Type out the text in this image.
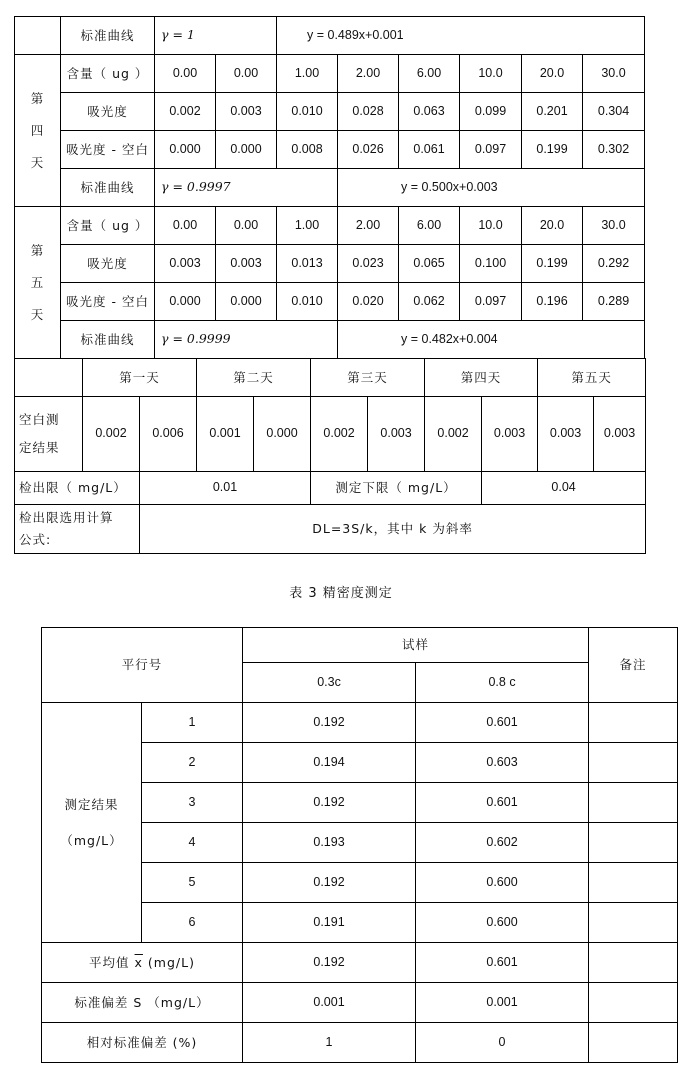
	标准曲线	γ = 1		y = 0.489x+0.001					
第
四
天	含量（ ug ）	0.00	0.00	1.00	2.00	6.00	10.0	20.0	30.0
	吸光度	0.002	0.003	0.010	0.028	0.063	0.099	0.201	0.304
	吸光度 - 空白	0.000	0.000	0.008	0.026	0.061	0.097	0.199	0.302
	标准曲线	γ = 0.9997			y = 0.500x+0.003				
第
五
天	含量（ ug ）	0.00	0.00	1.00	2.00	6.00	10.0	20.0	30.0
	吸光度	0.003	0.003	0.013	0.023	0.065	0.100	0.199	0.292
	吸光度 - 空白	0.000	0.000	0.010	0.020	0.062	0.097	0.196	0.289
	标准曲线	γ = 0.9999			y = 0.482x+0.004				
	第一天		第二天		第三天		第四天		第五天	
空白测
定结果	0.002	0.006	0.001	0.000	0.002	0.003	0.002	0.003	0.003	0.003
检出限（ mg/L）		0.01			测定下限（ mg/L）			0.04		
检出限选用计算
公式:		DL=3S/k，其中 k 为斜率								
表 3 精密度测定
平行号		试样		备注
		0.3c	0.8 c	
测定结果
（mg/L）	1	0.192	0.601	
	2	0.194	0.603	
	3	0.192	0.601	
	4	0.193	0.602	
	5	0.192	0.600	
	6	0.191	0.600	
平均值 $\overline{x}$ (mg/L)		0.192	0.601	
标准偏差 S （mg/L）		0.001	0.001	
相对标准偏差 (%)		1	0	
